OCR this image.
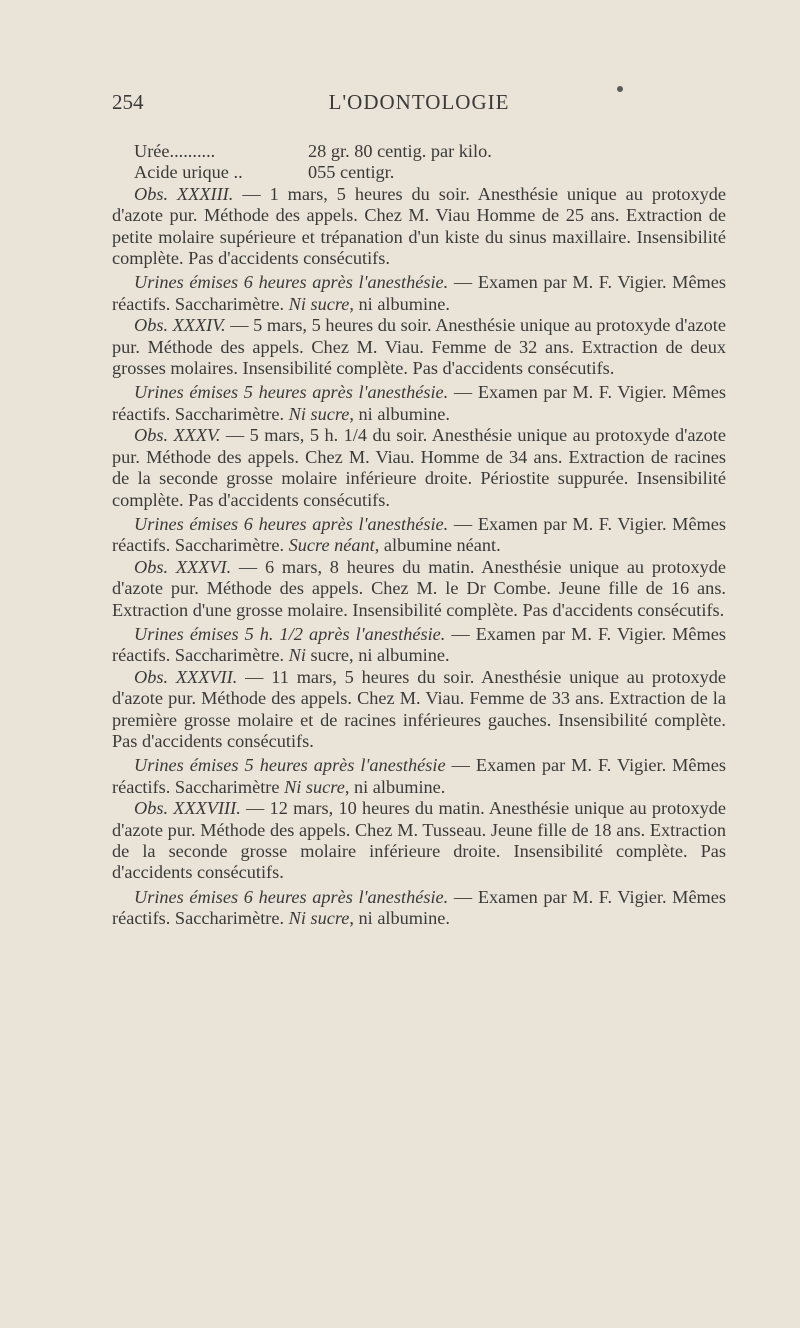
254	L'ODONTOLOGIE
Urée..........	28 gr. 80 centig. par kilo.
Acide urique ..	055 centigr.

Obs. XXXIII. — 1 mars, 5 heures du soir. Anesthésie unique au protoxyde d'azote pur. Méthode des appels. Chez M. Viau Homme de 25 ans. Extraction de petite molaire supérieure et trépanation d'un kiste du sinus maxillaire. Insensibilité complète. Pas d'accidents consécutifs.

Urines émises 6 heures après l'anesthésie. — Examen par M. F. Vigier. Mêmes réactifs. Saccharimètre. Ni sucre, ni albumine.

Obs. XXXIV. — 5 mars, 5 heures du soir. Anesthésie unique au protoxyde d'azote pur. Méthode des appels. Chez M. Viau. Femme de 32 ans. Extraction de deux grosses molaires. Insensibilité complète. Pas d'accidents consécutifs.

Urines émises 5 heures après l'anesthésie. — Examen par M. F. Vigier. Mêmes réactifs. Saccharimètre. Ni sucre, ni albumine.

Obs. XXXV. — 5 mars, 5 h. 1/4 du soir. Anesthésie unique au protoxyde d'azote pur. Méthode des appels. Chez M. Viau. Homme de 34 ans. Extraction de racines de la seconde grosse molaire inférieure droite. Périostite suppurée. Insensibilité complète. Pas d'accidents consécutifs.

Urines émises 6 heures après l'anesthésie. — Examen par M. F. Vigier. Mêmes réactifs. Saccharimètre. Sucre néant, albumine néant.

Obs. XXXVI. — 6 mars, 8 heures du matin. Anesthésie unique au protoxyde d'azote pur. Méthode des appels. Chez M. le Dr Combe. Jeune fille de 16 ans. Extraction d'une grosse molaire. Insensibilité complète. Pas d'accidents consécutifs.

Urines émises 5 h. 1/2 après l'anesthésie. — Examen par M. F. Vigier. Mêmes réactifs. Saccharimètre. Ni sucre, ni albumine.

Obs. XXXVII. — 11 mars, 5 heures du soir. Anesthésie unique au protoxyde d'azote pur. Méthode des appels. Chez M. Viau. Femme de 33 ans. Extraction de la première grosse molaire et de racines inférieures gauches. Insensibilité complète. Pas d'accidents consécutifs.

Urines émises 5 heures après l'anesthésie — Examen par M. F. Vigier. Mêmes réactifs. Saccharimètre Ni sucre, ni albumine.

Obs. XXXVIII. — 12 mars, 10 heures du matin. Anesthésie unique au protoxyde d'azote pur. Méthode des appels. Chez M. Tusseau. Jeune fille de 18 ans. Extraction de la seconde grosse molaire inférieure droite. Insensibilité complète. Pas d'accidents consécutifs.

Urines émises 6 heures après l'anesthésie. — Examen par M. F. Vigier. Mêmes réactifs. Saccharimètre. Ni sucre, ni albumine.
